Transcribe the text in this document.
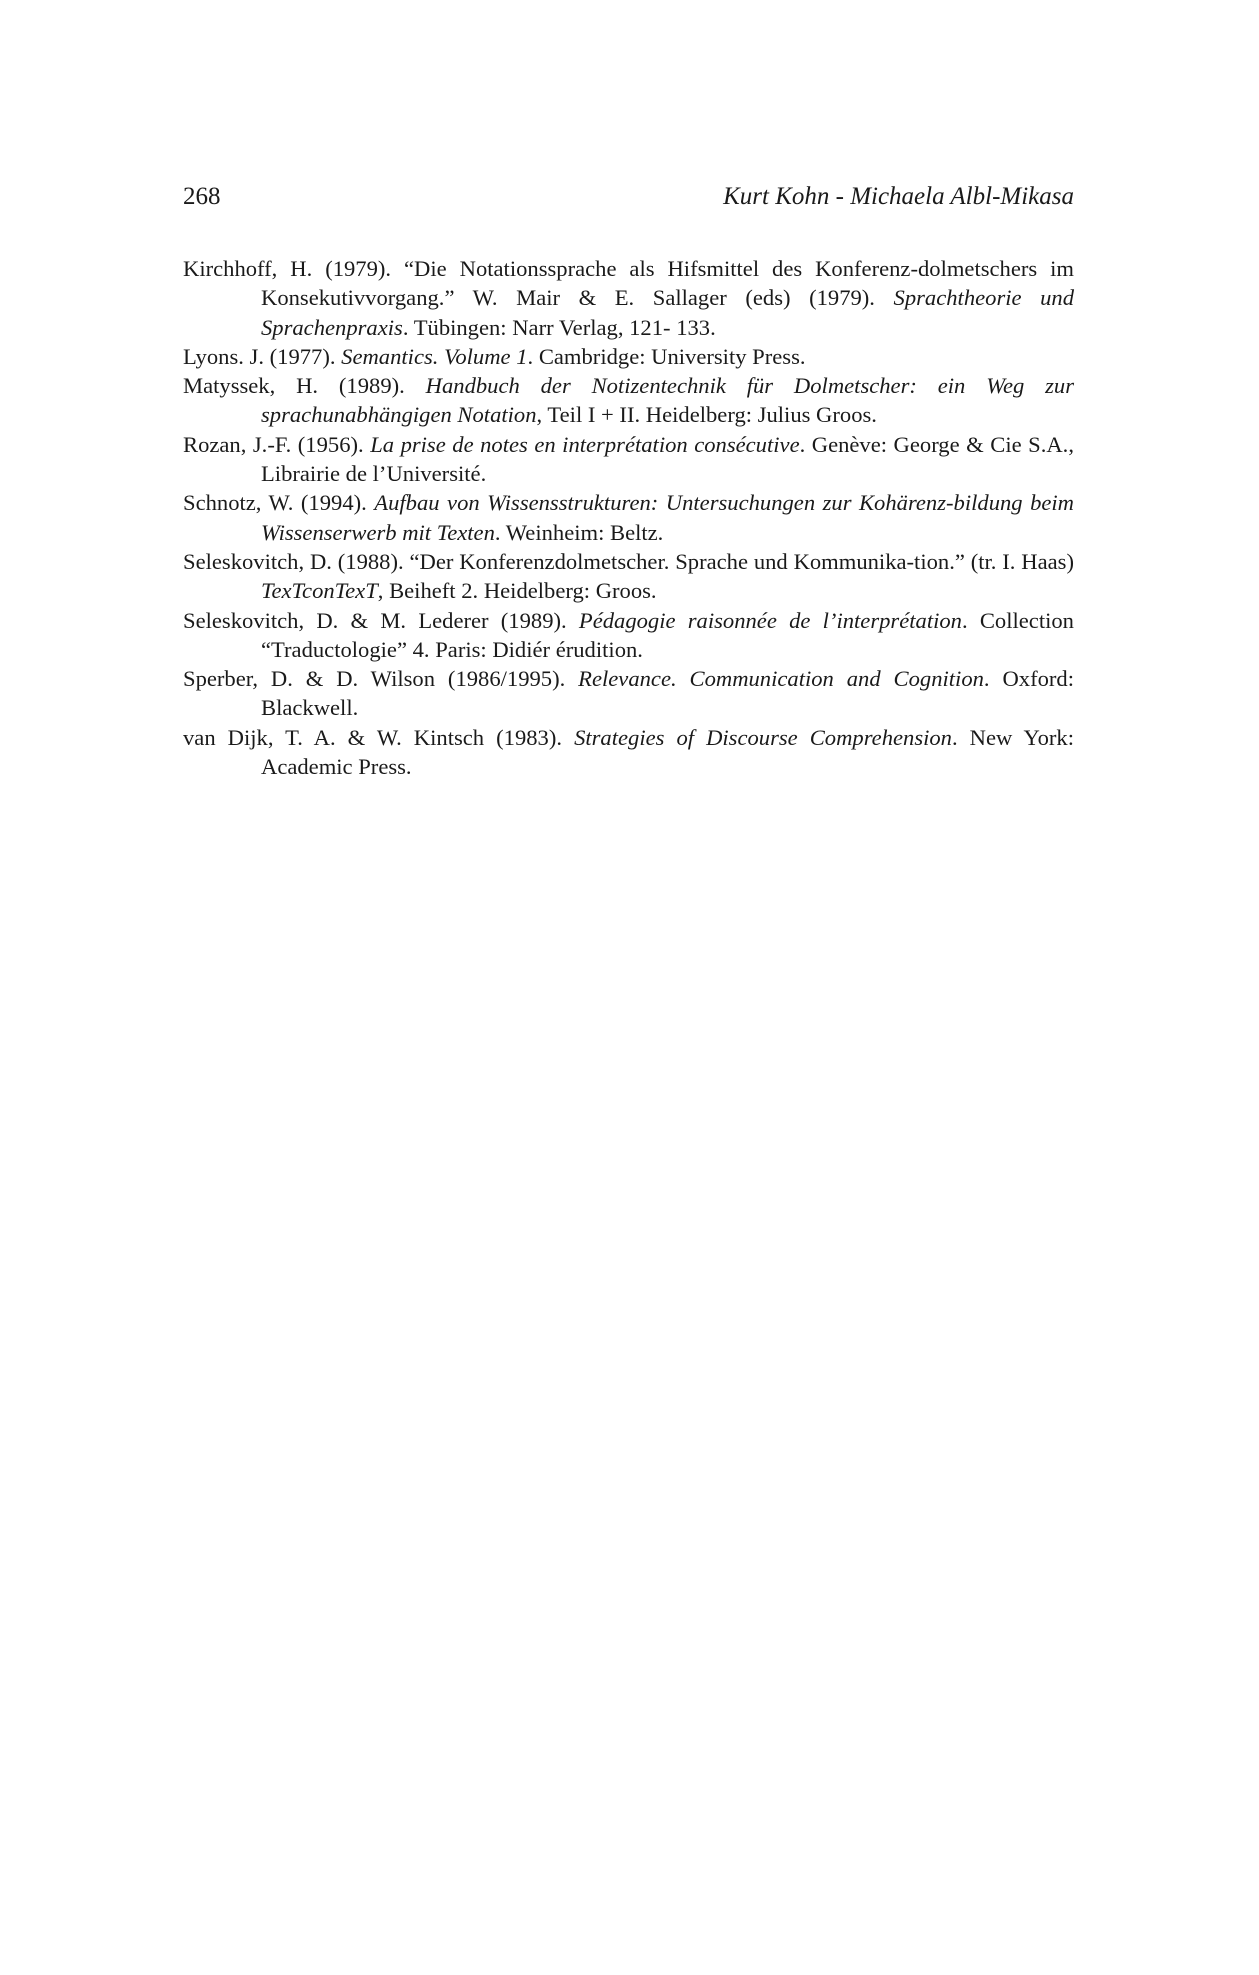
268	Kurt Kohn - Michaela Albl-Mikasa

Kirchhoff, H. (1979). “Die Notationssprache als Hifsmittel des Konferenz-dolmetschers im Konsekutivvorgang.” W. Mair & E. Sallager (eds) (1979). Sprachtheorie und Sprachenpraxis. Tübingen: Narr Verlag, 121- 133.

Lyons. J. (1977). Semantics. Volume 1. Cambridge: University Press.

Matyssek, H. (1989). Handbuch der Notizentechnik für Dolmetscher: ein Weg zur sprachunabhängigen Notation, Teil I + II. Heidelberg: Julius Groos.

Rozan, J.-F. (1956). La prise de notes en interprétation consécutive. Genève: George & Cie S.A., Librairie de l’Université.

Schnotz, W. (1994). Aufbau von Wissensstrukturen: Untersuchungen zur Kohärenz-bildung beim Wissenserwerb mit Texten. Weinheim: Beltz.

Seleskovitch, D. (1988). “Der Konferenzdolmetscher. Sprache und Kommunika-tion.” (tr. I. Haas) TexTconTexT, Beiheft 2. Heidelberg: Groos.

Seleskovitch, D. & M. Lederer (1989). Pédagogie raisonnée de l’interprétation. Collection “Traductologie” 4. Paris: Didiér érudition.

Sperber, D. & D. Wilson (1986/1995). Relevance. Communication and Cognition. Oxford: Blackwell.

van Dijk, T. A. & W. Kintsch (1983). Strategies of Discourse Comprehension. New York: Academic Press.
